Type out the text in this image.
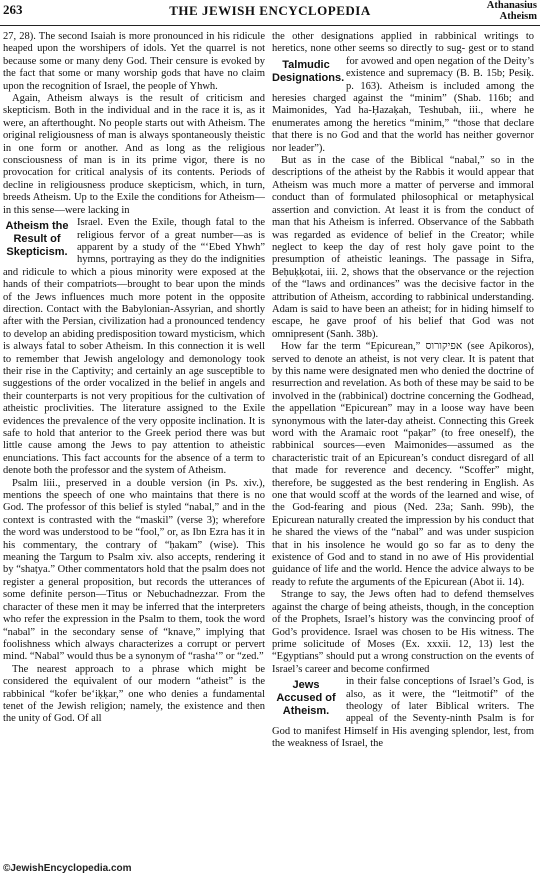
263	THE JEWISH ENCYCLOPEDIA	Athanasius
Atheism

27, 28). The second Isaiah is more pronounced in his ridicule heaped upon the worshipers of idols. Yet the quarrel is not because some or many deny God. Their censure is evoked by the fact that some or many worship gods that have no claim upon the recognition of Israel, the people of Yhwh.

Again, Atheism always is the result of criticism and skepticism. Both in the individual and in the race it is, as it were, an afterthought. No people starts out with Atheism. The original religiousness of man is always spontaneously theistic in one form or another. And as long as the religious consciousness of man is in its prime vigor, there is no provocation for critical analysis of its contents. Periods of decline in religiousness produce skepticism, which, in turn, breeds Atheism. Up to the Exile the conditions for Atheism—in this sense—were lacking in

Atheism the Result of Skepticism.
Israel. Even the Exile, though fatal to the religious fervor of a great number—as is apparent by a study of the “‘Ebed Yhwh” hymns, portraying as they do the indignities and ridicule to which a pious minority were exposed at the hands of their compatriots—brought to bear upon the minds of the Jews influences much more potent in the opposite direction. Contact with the Babylonian-Assyrian, and shortly after with the Persian, civilization had a pronounced tendency to develop an abiding predisposition toward mysticism, which is always fatal to sober Atheism. In this connection it is well to remember that Jewish angelology and demonology took their rise in the Captivity; and certainly an age susceptible to suggestions of the order vocalized in the belief in angels and their counterparts is not very propitious for the cultivation of atheistic proclivities. The literature assigned to the Exile evidences the prevalence of the very opposite inclination. It is safe to hold that anterior to the Greek period there was but little cause among the Jews to pay attention to atheistic enunciations. This fact accounts for the absence of a term to denote both the professor and the system of Atheism.

Psalm liii., preserved in a double version (in Ps. xiv.), mentions the speech of one who maintains that there is no God. The professor of this belief is styled “nabal,” and in the context is contrasted with the “maskil” (verse 3); wherefore the word was understood to be “fool,” or, as Ibn Ezra has it in his commentary, the contrary of “ḥakam” (wise). This meaning the Targum to Psalm xiv. also accepts, rendering it by “shaṭya.” Other commentators hold that the psalm does not register a general proposition, but records the utterances of some definite person—Titus or Nebuchadnezzar. From the character of these men it may be inferred that the interpreters who refer the expression in the Psalm to them, took the word “nabal” in the secondary sense of “knave,” implying that foolishness which always characterizes a corrupt or pervert mind. “Nabal” would thus be a synonym of “rasha‘” or “zed.”

The nearest approach to a phrase which might be considered the equivalent of our modern “atheist” is the rabbinical “kofer be‘iḳḳar,” one who denies a fundamental tenet of the Jewish religion; namely, the existence and then the unity of God. Of all

the other designations applied in rabbinical writings to heretics, none other seems so directly to sug-
Talmudic Designations.
gest or to stand for avowed and open negation of the Deity’s existence and supremacy (B. B. 15b; Pesiḳ. p. 163). Atheism is included among the heresies charged against the “minim” (Shab. 116b; and Maimonides, Yad ha-Ḥazaḳah, Teshubah, iii., where he enumerates among the heretics “minim,” “those that declare that there is no God and that the world has neither governor nor leader”).

But as in the case of the Biblical “nabal,” so in the descriptions of the atheist by the Rabbis it would appear that Atheism was much more a matter of perverse and immoral conduct than of formulated philosophical or metaphysical assertion and conviction. At least it is from the conduct of man that his Atheism is inferred. Observance of the Sabbath was regarded as evidence of belief in the Creator; while neglect to keep the day of rest holy gave point to the presumption of atheistic leanings. The passage in Sifra, Beḥuḳḳotai, iii. 2, shows that the observance or the rejection of the “laws and ordinances” was the decisive factor in the attribution of Atheism, according to rabbinical understanding. Adam is said to have been an atheist; for in hiding himself to escape, he gave proof of his belief that God was not omnipresent (Sanh. 38b).

How far the term “Epicurean,” אפיקורוס (see Apikoros), served to denote an atheist, is not very clear. It is patent that by this name were designated men who denied the doctrine of resurrection and revelation. As both of these may be said to be involved in the (rabbinical) doctrine concerning the Godhead, the appellation “Epicurean” may in a loose way have been synonymous with the later-day atheist. Connecting this Greek word with the Aramaic root “paḳar” (to free oneself), the rabbinical sources—even Maimonides—assumed as the characteristic trait of an Epicurean’s conduct disregard of all that made for reverence and decency. “Scoffer” might, therefore, be suggested as the best rendering in English. As one that would scoff at the words of the learned and wise, of the God-fearing and pious (Ned. 23a; Sanh. 99b), the Epicurean naturally created the impression by his conduct that he shared the views of the “nabal” and was under suspicion that in his insolence he would go so far as to deny the existence of God and to stand in no awe of His providential guidance of life and the world. Hence the advice always to be ready to refute the arguments of the Epicurean (Abot ii. 14).

Strange to say, the Jews often had to defend themselves against the charge of being atheists, though, in the conception of the Prophets, Israel’s history was the convincing proof of God’s providence. Israel was chosen to be His witness. The prime solicitude of Moses (Ex. xxxii. 12, 13) lest the “Egyptians” should put a wrong construction on the events of Israel’s career and become confirmed

Jews Accused of Atheism.
in their false conceptions of Israel’s God, is also, as it were, the “leitmotif” of the theology of later Biblical writers. The appeal of the Seventy-ninth Psalm is for God to manifest Himself in His avenging splendor, lest, from the weakness of Israel, the

©JewishEncyclopedia.com
